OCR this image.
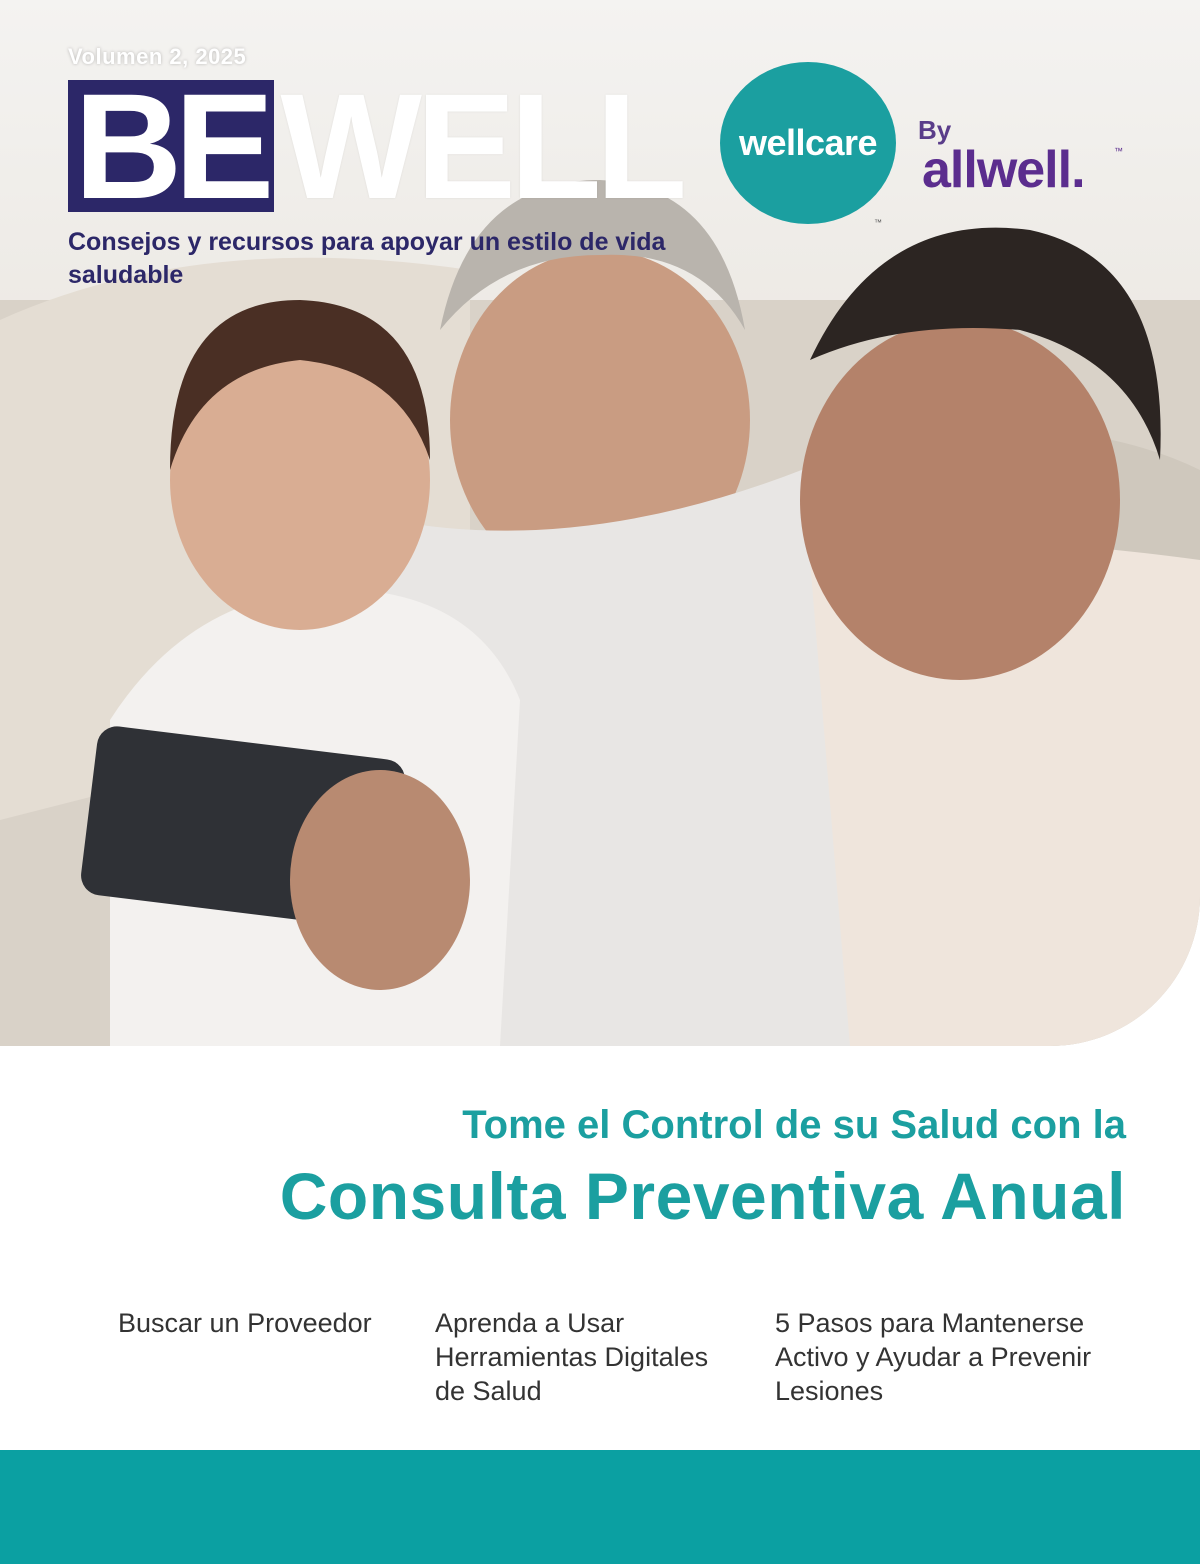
Volumen 2, 2025
BE WELL
Consejos y recursos para apoyar un estilo de vida saludable
wellcare
™
By
allwell.	™
Tome el Control de su Salud con la
Consulta Preventiva Anual
Buscar un Proveedor	Aprenda a Usar Herramientas Digitales de Salud
5 Pasos para Mantenerse Activo y Ayudar a Prevenir Lesiones
